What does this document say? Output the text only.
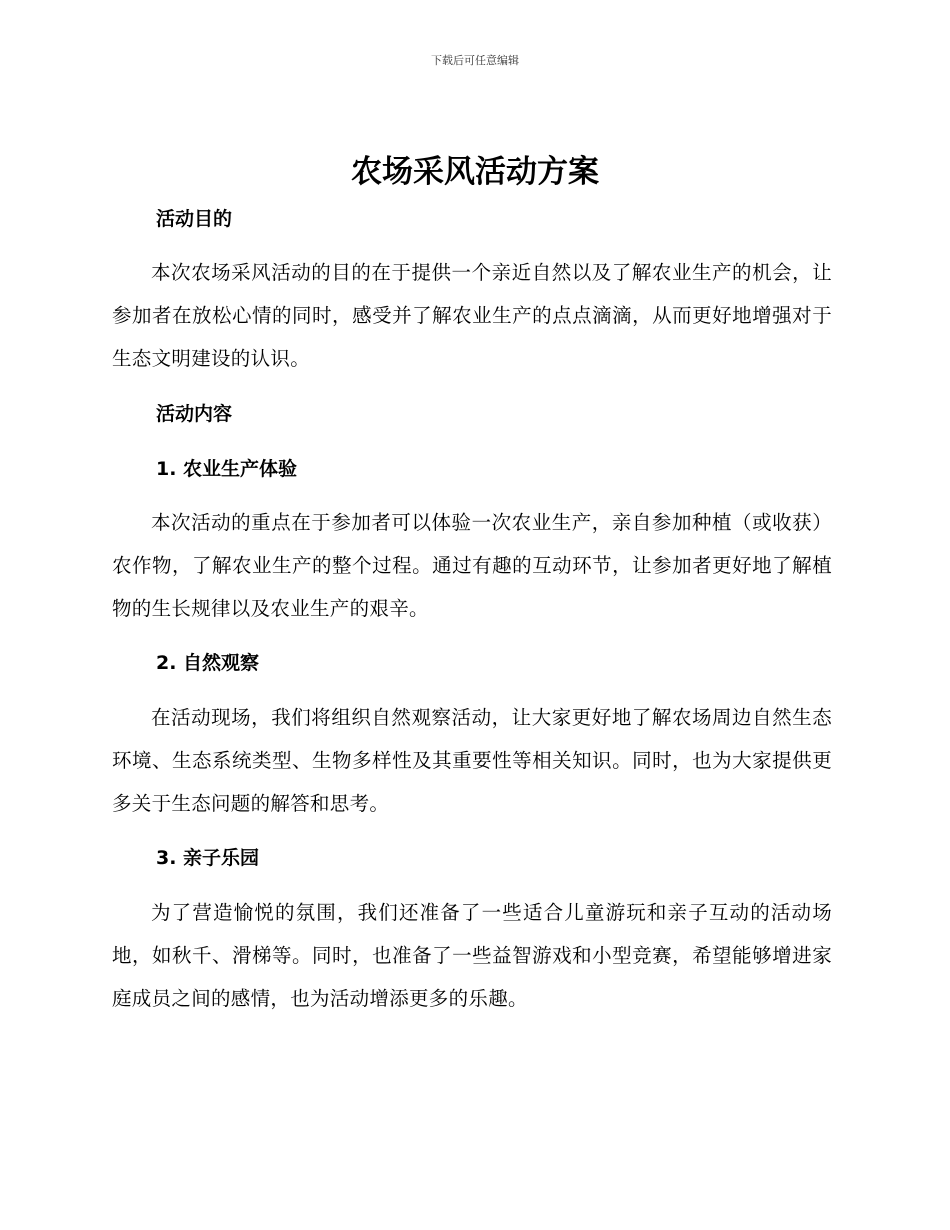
下载后可任意编辑
农场采风活动方案
活动目的

本次农场采风活动的目的在于提供一个亲近自然以及了解农业生产的机会，让参加者在放松心情的同时，感受并了解农业生产的点点滴滴，从而更好地增强对于生态文明建设的认识。

活动内容
1. 农业生产体验

本次活动的重点在于参加者可以体验一次农业生产，亲自参加种植（或收获）农作物，了解农业生产的整个过程。通过有趣的互动环节，让参加者更好地了解植物的生长规律以及农业生产的艰辛。

2. 自然观察

在活动现场，我们将组织自然观察活动，让大家更好地了解农场周边自然生态环境、生态系统类型、生物多样性及其重要性等相关知识。同时，也为大家提供更多关于生态问题的解答和思考。

3. 亲子乐园

为了营造愉悦的氛围，我们还准备了一些适合儿童游玩和亲子互动的活动场地，如秋千、滑梯等。同时，也准备了一些益智游戏和小型竞赛，希望能够增进家庭成员之间的感情，也为活动增添更多的乐趣。
